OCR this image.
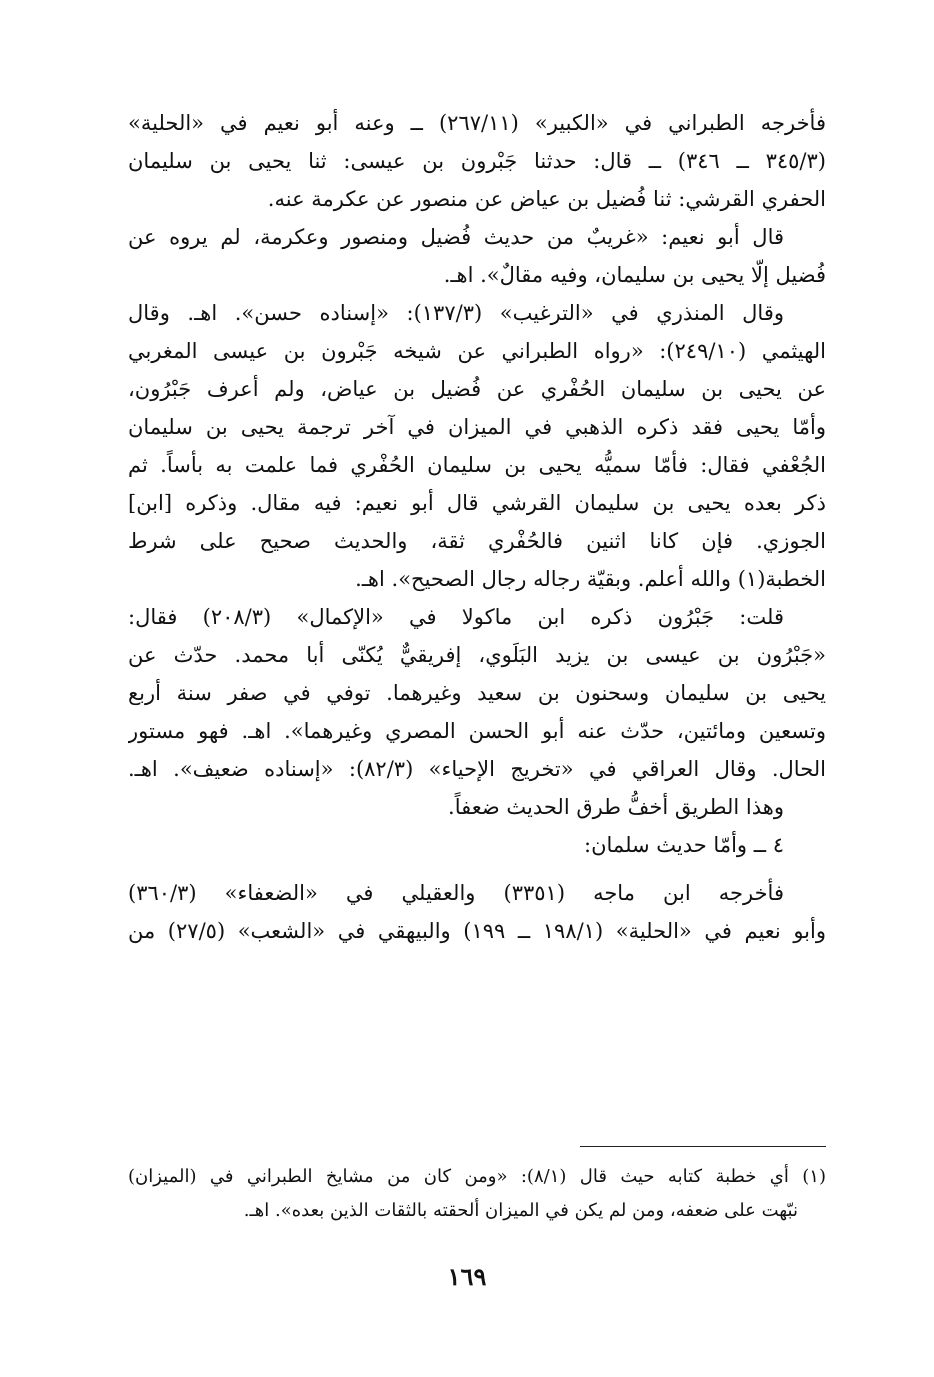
فأخرجه الطبراني في «الكبير» (٢٦٧/١١) ــ وعنه أبو نعيم في «الحلية»
(٣٤٥/٣ ــ ٣٤٦) ــ قال: حدثنا جَبْرون بن عيسى: ثنا يحيى بن سليمان
الحفري القرشي: ثنا فُضيل بن عياض عن منصور عن عكرمة عنه.
قال أبو نعيم: «غريبٌ من حديث فُضيل ومنصور وعكرمة، لم يروه عن
فُضيل إلّا يحيى بن سليمان، وفيه مقالٌ». اهـ.
وقال المنذري في «الترغيب» (١٣٧/٣): «إسناده حسن». اهـ. وقال
الهيثمي (٢٤٩/١٠): «رواه الطبراني عن شيخه جَبْرون بن عيسى المغربي
عن يحيى بن سليمان الحُفْري عن فُضيل بن عياض، ولم أعرف جَبْرُون،
وأمّا يحيى فقد ذكره الذهبي في الميزان في آخر ترجمة يحيى بن سليمان
الجُعْفي فقال: فأمّا سميُّه يحيى بن سليمان الحُفْري فما علمت به بأساً. ثم
ذكر بعده يحيى بن سليمان القرشي قال أبو نعيم: فيه مقال. وذكره [ابن]
الجوزي. فإن كانا اثنين فالحُفْري ثقة، والحديث صحيح على شرط
الخطبة(١) والله أعلم. وبقيّة رجاله رجال الصحيح». اهـ.
قلت: جَبْرُون ذكره ابن ماكولا في «الإكمال» (٢٠٨/٣) فقال:
«جَبْرُون بن عيسى بن يزيد البَلَوي، إفريقيٌّ يُكنّى أبا محمد. حدّث عن
يحيى بن سليمان وسحنون بن سعيد وغيرهما. توفي في صفر سنة أربع
وتسعين ومائتين، حدّث عنه أبو الحسن المصري وغيرهما». اهـ. فهو مستور
الحال. وقال العراقي في «تخريج الإحياء» (٨٢/٣): «إسناده ضعيف». اهـ.
وهذا الطريق أخفُّ طرق الحديث ضعفاً.
٤ ــ وأمّا حديث سلمان:
فأخرجه ابن ماجه (٣٣٥١) والعقيلي في «الضعفاء» (٣٦٠/٣)
وأبو نعيم في «الحلية» (١٩٨/١ ــ ١٩٩) والبيهقي في «الشعب» (٢٧/٥) من
(١) أي خطبة كتابه حيث قال (٨/١): «ومن كان من مشايخ الطبراني في (الميزان)
نبّهت على ضعفه، ومن لم يكن في الميزان ألحقته بالثقات الذين بعده». اهـ.
١٦٩
